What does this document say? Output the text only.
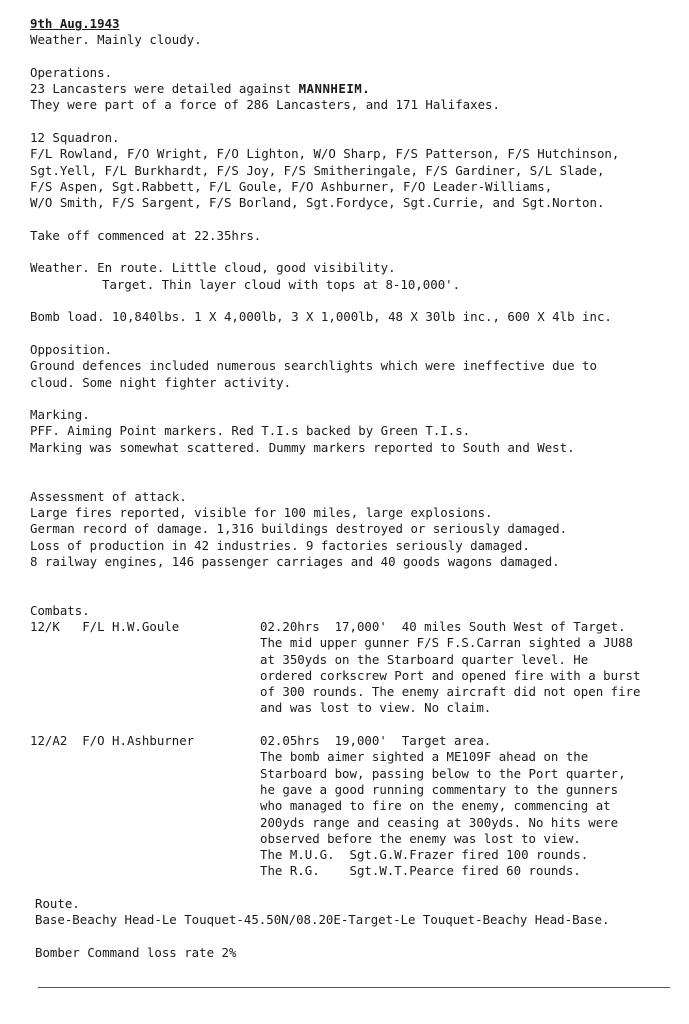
9th Aug.1943
Weather. Mainly cloudy.
Operations.
23 Lancasters were detailed against MANNHEIM.
They were part of a force of 286 Lancasters, and 171 Halifaxes.
12 Squadron.
F/L Rowland, F/O Wright, F/O Lighton, W/O Sharp, F/S Patterson, F/S Hutchinson,
Sgt.Yell, F/L Burkhardt, F/S Joy, F/S Smitheringale, F/S Gardiner, S/L Slade,
F/S Aspen, Sgt.Rabbett, F/L Goule, F/O Ashburner, F/O Leader-Williams,
W/O Smith, F/S Sargent, F/S Borland, Sgt.Fordyce, Sgt.Currie, and Sgt.Norton.
Take off commenced at 22.35hrs.
Weather. En route. Little cloud, good visibility.
Target. Thin layer cloud with tops at 8-10,000'.
Bomb load. 10,840lbs. 1 X 4,000lb, 3 X 1,000lb, 48 X 30lb inc., 600 X 4lb inc.
Opposition.
Ground defences included numerous searchlights which were ineffective due to
cloud. Some night fighter activity.
Marking.
PFF. Aiming Point markers. Red T.I.s backed by Green T.I.s.
Marking was somewhat scattered. Dummy markers reported to South and West.
Assessment of attack.
Large fires reported, visible for 100 miles, large explosions.
German record of damage. 1,316 buildings destroyed or seriously damaged.
Loss of production in 42 industries. 9 factories seriously damaged.
8 railway engines, 146 passenger carriages and 40 goods wagons damaged.
Combats.
12/K   F/L H.W.Goule	02.20hrs  17,000'  40 miles South West of Target.
The mid upper gunner F/S F.S.Carran sighted a JU88
at 350yds on the Starboard quarter level. He
ordered corkscrew Port and opened fire with a burst
of 300 rounds. The enemy aircraft did not open fire
and was lost to view. No claim.
12/A2  F/O H.Ashburner	02.05hrs  19,000'  Target area.
The bomb aimer sighted a ME109F ahead on the
Starboard bow, passing below to the Port quarter,
he gave a good running commentary to the gunners
who managed to fire on the enemy, commencing at
200yds range and ceasing at 300yds. No hits were
observed before the enemy was lost to view.
The M.U.G.  Sgt.G.W.Frazer fired 100 rounds.
The R.G.    Sgt.W.T.Pearce fired 60 rounds.
Route.
Base-Beachy Head-Le Touquet-45.50N/08.20E-Target-Le Touquet-Beachy Head-Base.
Bomber Command loss rate 2%
